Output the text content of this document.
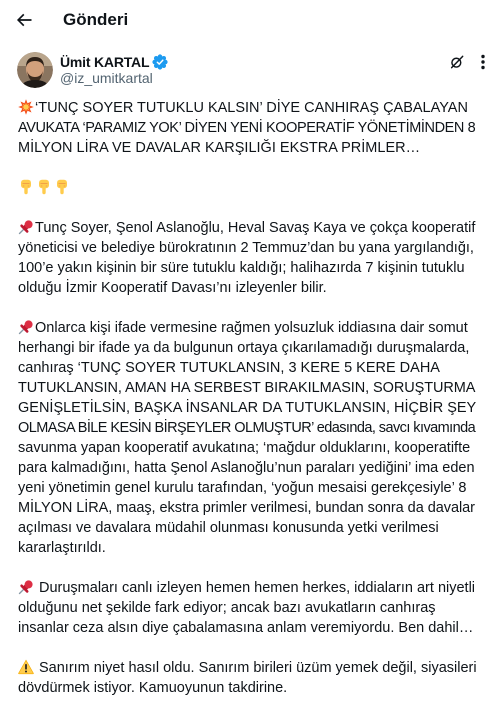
Gönderi
Ümit KARTAL
@iz_umitkartal
‘TUNÇ SOYER TUTUKLU KALSIN’ DİYE CANHIRAŞ ÇABALAYAN
AVUKATA ‘PARAMIZ YOK’ DİYEN YENİ KOOPERATİF YÖNETİMİNDEN 8
MİLYON LİRA VE DAVALAR KARŞILIĞI EKSTRA PRİMLER…
Tunç Soyer, Şenol Aslanoğlu, Heval Savaş Kaya ve çokça kooperatif
yöneticisi ve belediye bürokratının 2 Temmuz’dan bu yana yargılandığı,
100’e yakın kişinin bir süre tutuklu kaldığı; halihazırda 7 kişinin tutuklu
olduğu İzmir Kooperatif Davası’nı izleyenler bilir.
Onlarca kişi ifade vermesine rağmen yolsuzluk iddiasına dair somut
herhangi bir ifade ya da bulgunun ortaya çıkarılamadığı duruşmalarda,
canhıraş ‘TUNÇ SOYER TUTUKLANSIN, 3 KERE 5 KERE DAHA
TUTUKLANSIN, AMAN HA SERBEST BIRAKILMASIN, SORUŞTURMA
GENİŞLETİLSİN, BAŞKA İNSANLAR DA TUTUKLANSIN, HİÇBİR ŞEY
OLMASA BİLE KESİN BİRŞEYLER OLMUŞTUR’ edasında, savcı kıvamında
savunma yapan kooperatif avukatına; ‘mağdur olduklarını, kooperatifte
para kalmadığını, hatta Şenol Aslanoğlu’nun paraları yediğini’ ima eden
yeni yönetimin genel kurulu tarafından, ‘yoğun mesaisi gerekçesiyle’ 8
MİLYON LİRA, maaş, ekstra primler verilmesi, bundan sonra da davalar
açılması ve davalara müdahil olunması konusunda yetki verilmesi
kararlaştırıldı.
Duruşmaları canlı izleyen hemen hemen herkes, iddiaların art niyetli
olduğunu net şekilde fark ediyor; ancak bazı avukatların canhıraş
insanlar ceza alsın diye çabalamasına anlam veremiyordu. Ben dahil…
Sanırım niyet hasıl oldu. Sanırım birileri üzüm yemek değil, siyasileri
dövdürmek istiyor. Kamuoyunun takdirine.
